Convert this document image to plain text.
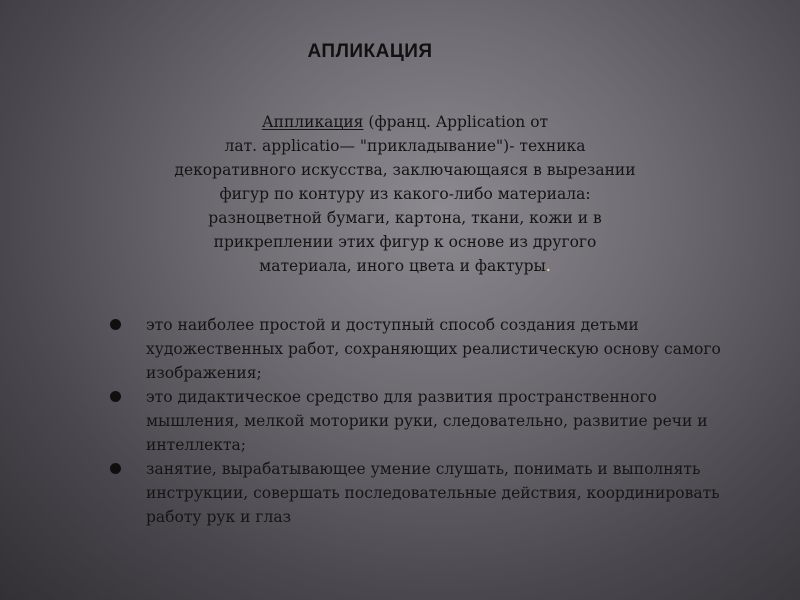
АПЛИКАЦИЯ
Аппликация (франц. Application от
лат. applicatio— "прикладывание")- техника
декоративного искусства, заключающаяся в вырезании
фигур по контуру из какого-либо материала:
разноцветной бумаги, картона, ткани, кожи и в
прикреплении этих фигур к основе из другого
материала, иного цвета и фактуры.
это наиболее простой и доступный способ создания детьми
художественных работ, сохраняющих реалистическую основу самого
изображения;
это дидактическое средство для развития пространственного
мышления, мелкой моторики руки, следовательно, развитие речи и
интеллекта;
занятие, вырабатывающее умение слушать, понимать и выполнять
инструкции, совершать последовательные действия, координировать
работу рук и глаз
